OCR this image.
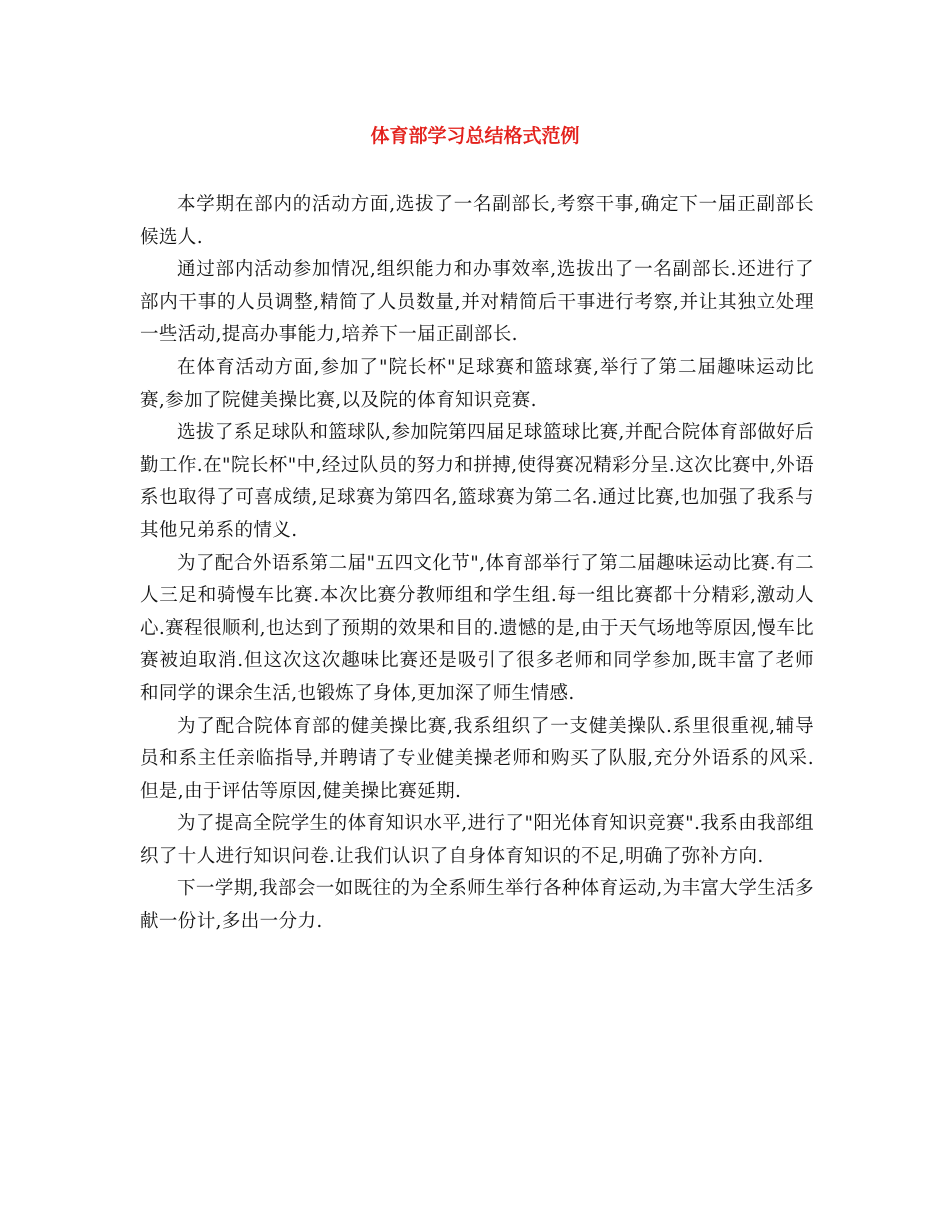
体育部学习总结格式范例

本学期在部内的活动方面,选拔了一名副部长,考察干事,确定下一届正副部长候选人.

通过部内活动参加情况,组织能力和办事效率,选拔出了一名副部长.还进行了部内干事的人员调整,精简了人员数量,并对精简后干事进行考察,并让其独立处理一些活动,提高办事能力,培养下一届正副部长.

在体育活动方面,参加了"院长杯"足球赛和篮球赛,举行了第二届趣味运动比赛,参加了院健美操比赛,以及院的体育知识竞赛.

选拔了系足球队和篮球队,参加院第四届足球篮球比赛,并配合院体育部做好后勤工作.在"院长杯"中,经过队员的努力和拼搏,使得赛况精彩分呈.这次比赛中,外语系也取得了可喜成绩,足球赛为第四名,篮球赛为第二名.通过比赛,也加强了我系与其他兄弟系的情义.

为了配合外语系第二届"五四文化节",体育部举行了第二届趣味运动比赛.有二人三足和骑慢车比赛.本次比赛分教师组和学生组.每一组比赛都十分精彩,激动人心.赛程很顺利,也达到了预期的效果和目的.遗憾的是,由于天气场地等原因,慢车比赛被迫取消.但这次这次趣味比赛还是吸引了很多老师和同学参加,既丰富了老师和同学的课余生活,也锻炼了身体,更加深了师生情感.

为了配合院体育部的健美操比赛,我系组织了一支健美操队.系里很重视,辅导员和系主任亲临指导,并聘请了专业健美操老师和购买了队服,充分外语系的风采.但是,由于评估等原因,健美操比赛延期.

为了提高全院学生的体育知识水平,进行了"阳光体育知识竞赛".我系由我部组织了十人进行知识问卷.让我们认识了自身体育知识的不足,明确了弥补方向.

下一学期,我部会一如既往的为全系师生举行各种体育运动,为丰富大学生活多献一份计,多出一分力.
